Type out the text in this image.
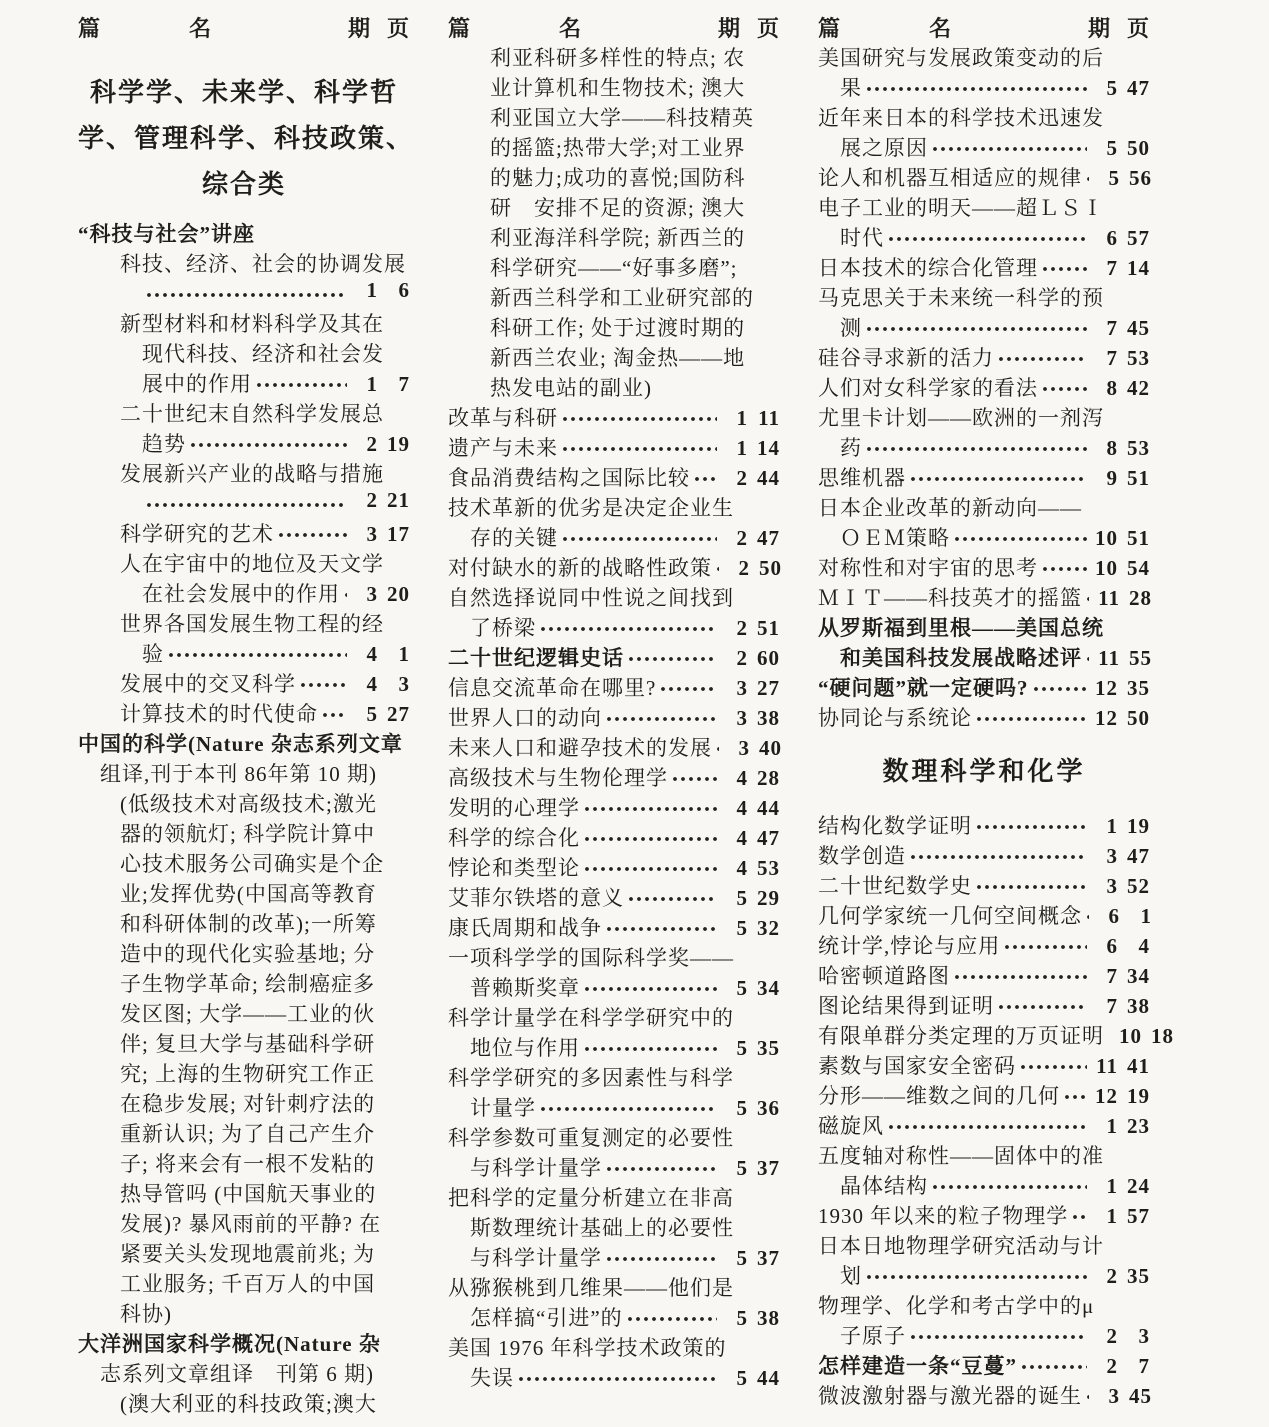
篇	名	期 页
科学学、未来学、科学哲
学、管理科学、科技政策、
综合类
“科技与社会”讲座
科技、经济、社会的协调发展
1 6
新型材料和材料科学及其在
现代科技、经济和社会发
展中的作用	1 7
二十世纪末自然科学发展总
趋势	2 19
发展新兴产业的战略与措施
2 21
科学研究的艺术	3 17
人在宇宙中的地位及天文学
在社会发展中的作用	3 20
世界各国发展生物工程的经
验	4 1
发展中的交叉科学	4 3
计算技术的时代使命	5 27
中国的科学(Nature 杂志系列文章
组译,刊于本刊 86年第 10 期)
(低级技术对高级技术;激光
器的领航灯; 科学院计算中
心技术服务公司确实是个企
业;发挥优势(中国高等教育
和科研体制的改革);一所筹
造中的现代化实验基地; 分
子生物学革命; 绘制癌症多
发区图; 大学——工业的伙
伴; 复旦大学与基础科学研
究; 上海的生物研究工作正
在稳步发展; 对针刺疗法的
重新认识; 为了自己产生介
子; 将来会有一根不发粘的
热导管吗 (中国航天事业的
发展)? 暴风雨前的平静? 在
紧要关头发现地震前兆; 为
工业服务; 千百万人的中国
科协)
大洋洲国家科学概况(Nature 杂
志系列文章组译　刊第 6 期)
(澳大利亚的科技政策;澳大
篇	名	期 页
利亚科研多样性的特点; 农
业计算机和生物技术; 澳大
利亚国立大学——科技精英
的摇篮;热带大学;对工业界
的魅力;成功的喜悦;国防科
研　安排不足的资源; 澳大
利亚海洋科学院; 新西兰的
科学研究——“好事多磨”;
新西兰科学和工业研究部的
科研工作; 处于过渡时期的
新西兰农业; 淘金热——地
热发电站的副业)
改革与科研	1 11
遗产与未来	1 14
食品消费结构之国际比较	2 44
技术革新的优劣是决定企业生
存的关键	2 47
对付缺水的新的战略性政策	2 50
自然选择说同中性说之间找到
了桥梁	2 51
二十世纪逻辑史话	2 60
信息交流革命在哪里?	3 27
世界人口的动向	3 38
未来人口和避孕技术的发展	3 40
高级技术与生物伦理学	4 28
发明的心理学	4 44
科学的综合化	4 47
悖论和类型论	4 53
艾菲尔铁塔的意义	5 29
康氏周期和战争	5 32
一项科学学的国际科学奖——
普赖斯奖章	5 34
科学计量学在科学学研究中的
地位与作用	5 35
科学学研究的多因素性与科学
计量学	5 36
科学参数可重复测定的必要性
与科学计量学	5 37
把科学的定量分析建立在非高
斯数理统计基础上的必要性
与科学计量学	5 37
从猕猴桃到几维果——他们是
怎样搞“引进”的	5 38
美国 1976 年科学技术政策的
失误	5 44
篇	名	期 页
美国研究与发展政策变动的后
果	5 47
近年来日本的科学技术迅速发
展之原因	5 50
论人和机器互相适应的规律	5 56
电子工业的明天——超ＬＳＩ
时代	6 57
日本技术的综合化管理	7 14
马克思关于未来统一科学的预
测	7 45
硅谷寻求新的活力	7 53
人们对女科学家的看法	8 42
尤里卡计划——欧洲的一剂泻
药	8 53
思维机器	9 51
日本企业改革的新动向——
ＯＥＭ策略	10 51
对称性和对宇宙的思考	10 54
ＭＩＴ——科技英才的摇篮 11 28
从罗斯福到里根——美国总统
和美国科技发展战略述评 11 55
“硬问题”就一定硬吗?	12 35
协同论与系统论	12 50
数理科学和化学
结构化数学证明	1 19
数学创造	3 47
二十世纪数学史	3 52
几何学家统一几何空间概念	6 1
统计学,悖论与应用	6 4
哈密顿道路图	7 34
图论结果得到证明	7 38
有限单群分类定理的万页证明 10 18
素数与国家安全密码	11 41
分形——维数之间的几何 12 19
磁旋风	1 23
五度轴对称性——固体中的准
晶体结构	1 24
1930 年以来的粒子物理学	1 57
日本日地物理学研究活动与计
划	2 35
物理学、化学和考古学中的μ
子原子	2 3
怎样建造一条“豆蔓”	2 7
微波激射器与激光器的诞生	3 45
